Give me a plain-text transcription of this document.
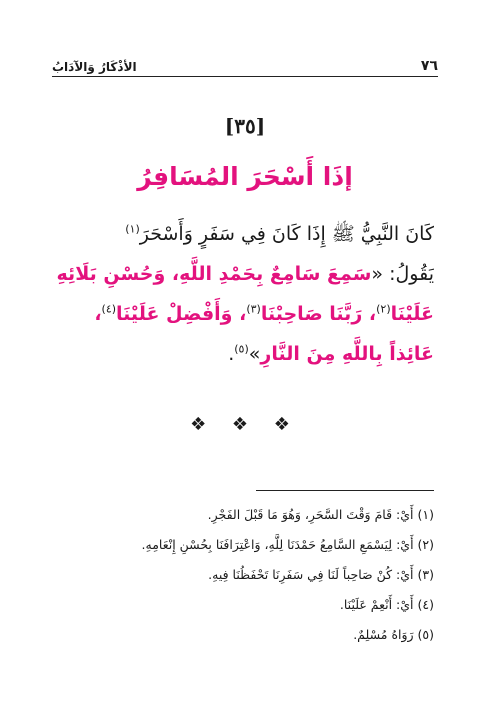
٧٦
الأذْكَارُ وَالآدَابُ
[٣٥]
إذَا أَسْحَرَ المُسَافِرُ
كَانَ النَّبِيُّ ﷺ إِذَا كَانَ فِي سَفَرٍ وَأَسْحَرَ$^{(١)}$
يَقُولُ: «سَمِعَ سَامِعٌ بِحَمْدِ اللَّهِ، وَحُسْنِ بَلَائِهِ
عَلَيْنَا$^{(٢)}$، رَبَّنَا صَاحِبْنَا$^{(٣)}$، وَأَفْضِلْ عَلَيْنَا$^{(٤)}$،
عَائِذاً بِاللَّهِ مِنَ النَّارِ»$^{(٥)}$.
❖ ❖ ❖
(١) أَيْ: قَامَ وَقْتَ السَّحَرِ، وَهُوَ مَا قَبْلَ الفَجْرِ.
(٢) أَيْ: لِيَسْمَعِ السَّامِعُ حَمْدَنَا لِلَّهِ، وَاعْتِرَافَنَا بِحُسْنِ إِنْعَامِهِ.
(٣) أَيْ: كُنْ صَاحِباً لَنَا فِي سَفَرِنَا تَحْفَظُنَا فِيهِ.
(٤) أَيْ: أَنْعِمْ عَلَيْنَا.
(٥) رَوَاهُ مُسْلِمٌ.
